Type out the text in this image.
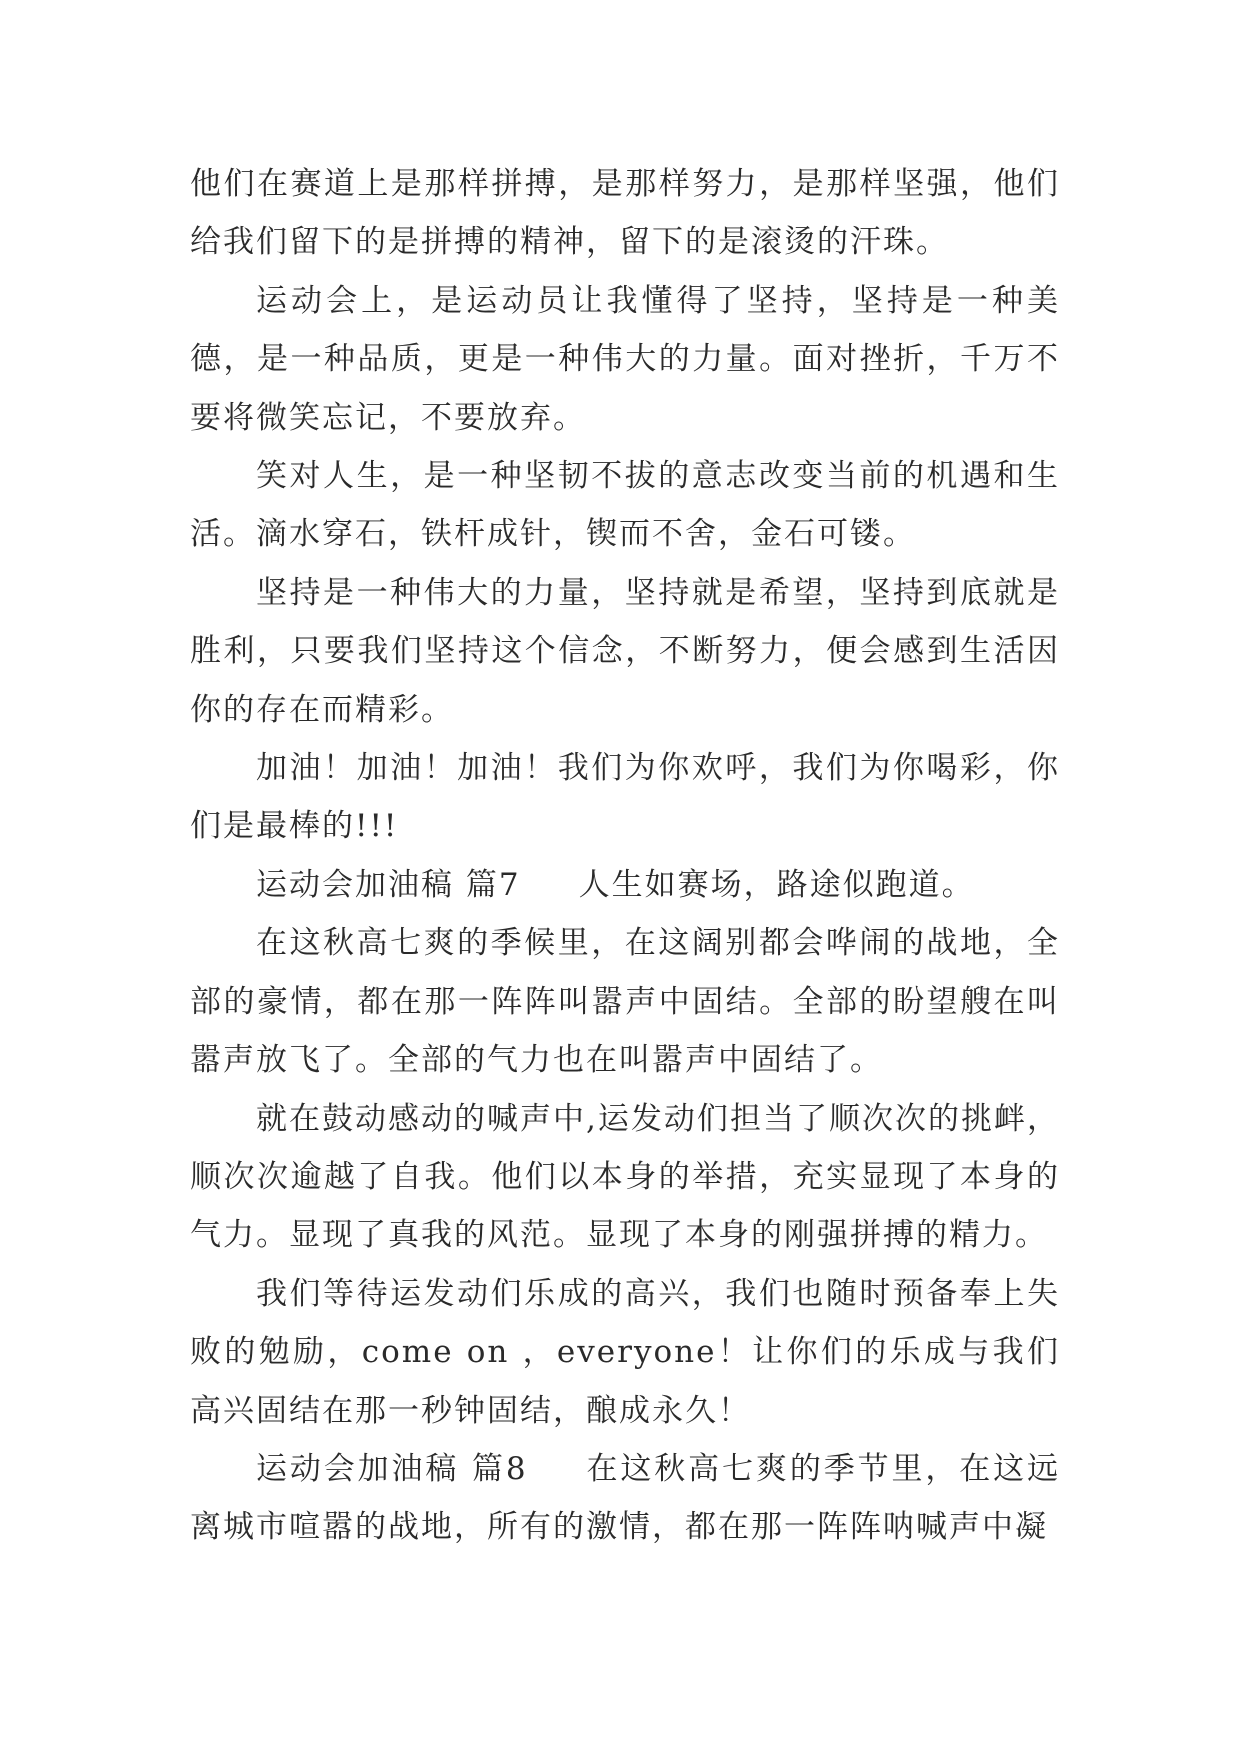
他们在赛道上是那样拼搏，是那样努力，是那样坚强，他们给我们留下的是拼搏的精神，留下的是滚烫的汗珠。

运动会上，是运动员让我懂得了坚持，坚持是一种美德，是一种品质，更是一种伟大的力量。面对挫折，千万不要将微笑忘记，不要放弃。

笑对人生，是一种坚韧不拔的意志改变当前的机遇和生活。滴水穿石，铁杆成针，锲而不舍，金石可镂。

坚持是一种伟大的力量，坚持就是希望，坚持到底就是胜利，只要我们坚持这个信念，不断努力，便会感到生活因你的存在而精彩。

加油！加油！加油！我们为你欢呼，我们为你喝彩，你们是最棒的!!!

运动会加油稿 篇7 人生如赛场，路途似跑道。

在这秋高七爽的季候里，在这阔别都会哗闹的战地，全部的豪情，都在那一阵阵叫嚣声中固结。全部的盼望艘在叫嚣声放飞了。全部的气力也在叫嚣声中固结了。

就在鼓动感动的喊声中,运发动们担当了顺次次的挑衅，顺次次逾越了自我。他们以本身的举措，充实显现了本身的气力。显现了真我的风范。显现了本身的刚强拼搏的精力。

我们等待运发动们乐成的高兴，我们也随时预备奉上失败的勉励，come on ，everyone！让你们的乐成与我们高兴固结在那一秒钟固结，酿成永久！

运动会加油稿 篇8 在这秋高七爽的季节里，在这远离城市喧嚣的战地，所有的激情，都在那一阵阵呐喊声中凝
